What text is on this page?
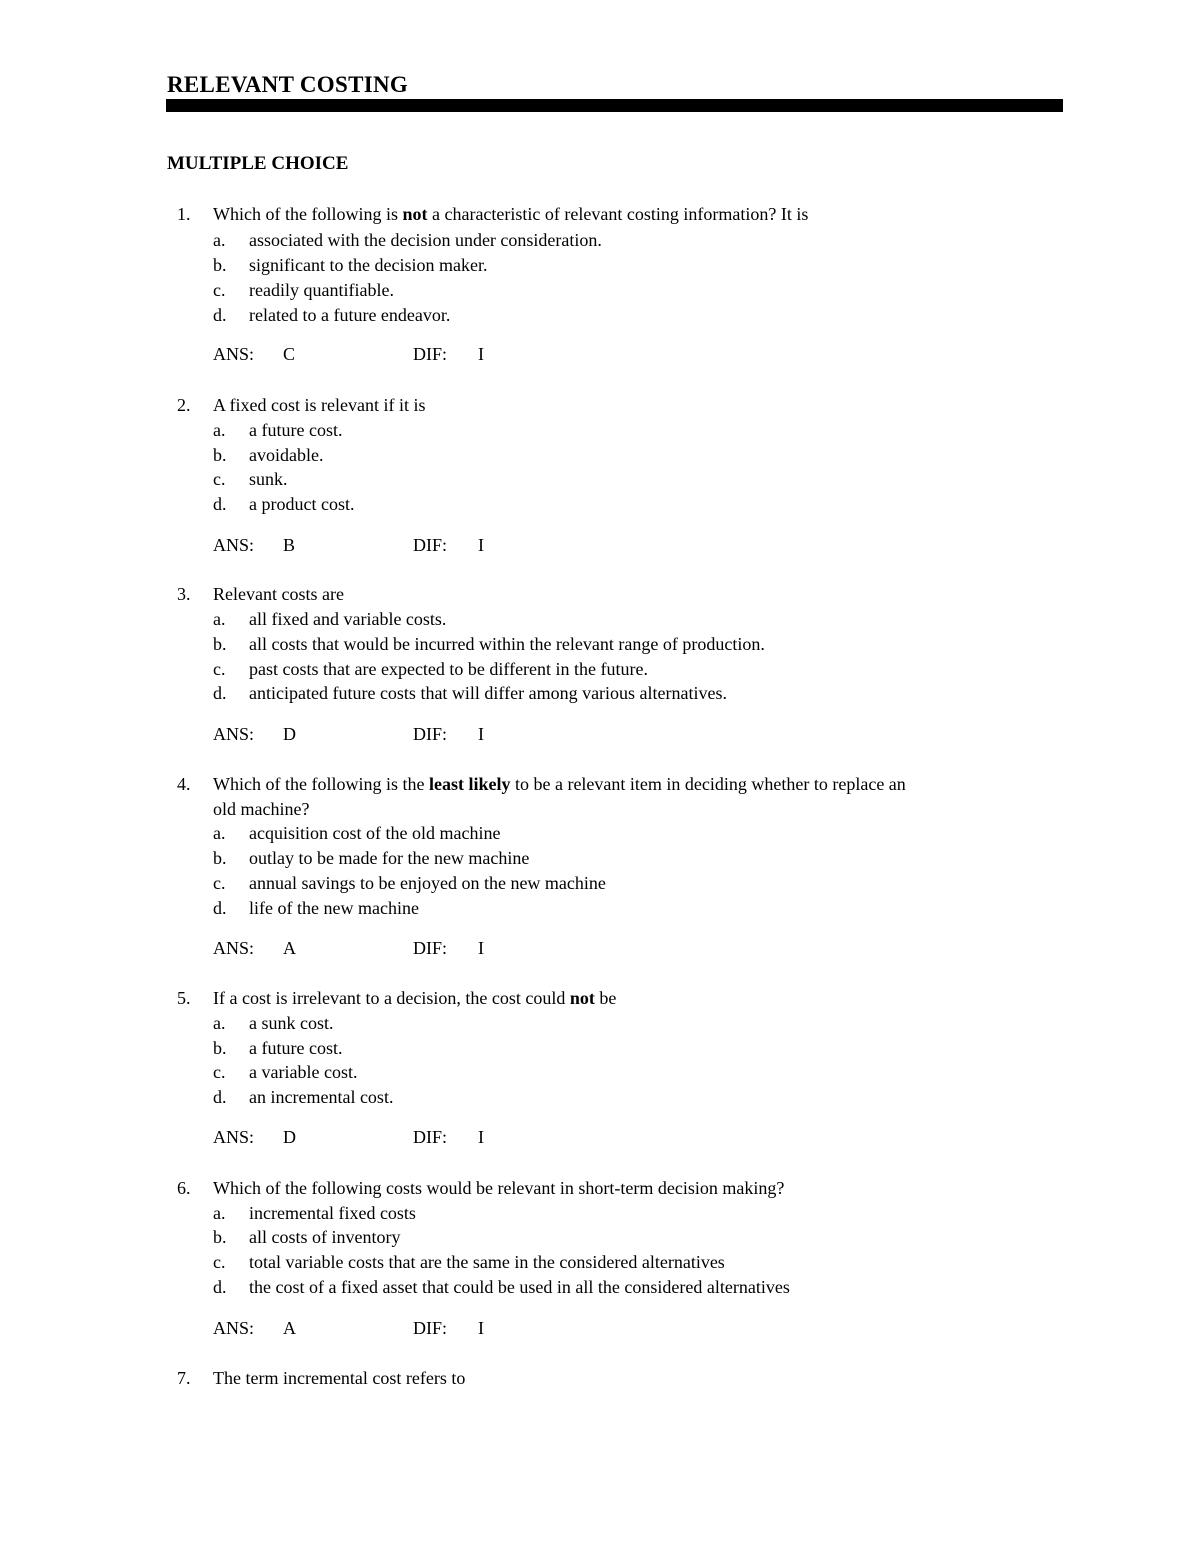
RELEVANT COSTING
MULTIPLE CHOICE
1.	Which of the following is not a characteristic of relevant costing information? It is
a. associated with the decision under consideration.
b. significant to the decision maker.
c. readily quantifiable.
d. related to a future endeavor.
ANS: C	DIF: I
2.	A fixed cost is relevant if it is
a. a future cost.
b. avoidable.
c. sunk.
d. a product cost.
ANS: B	DIF: I
3.	Relevant costs are
a. all fixed and variable costs.
b. all costs that would be incurred within the relevant range of production.
c. past costs that are expected to be different in the future.
d. anticipated future costs that will differ among various alternatives.
ANS: D	DIF: I
4.	Which of the following is the least likely to be a relevant item in deciding whether to replace an
old machine?
a. acquisition cost of the old machine
b. outlay to be made for the new machine
c. annual savings to be enjoyed on the new machine
d. life of the new machine
ANS: A	DIF: I
5.	If a cost is irrelevant to a decision, the cost could not be
a. a sunk cost.
b. a future cost.
c. a variable cost.
d. an incremental cost.
ANS: D	DIF: I
6.	Which of the following costs would be relevant in short-term decision making?
a. incremental fixed costs
b. all costs of inventory
c. total variable costs that are the same in the considered alternatives
d. the cost of a fixed asset that could be used in all the considered alternatives
ANS: A	DIF: I
7.	The term incremental cost refers to
